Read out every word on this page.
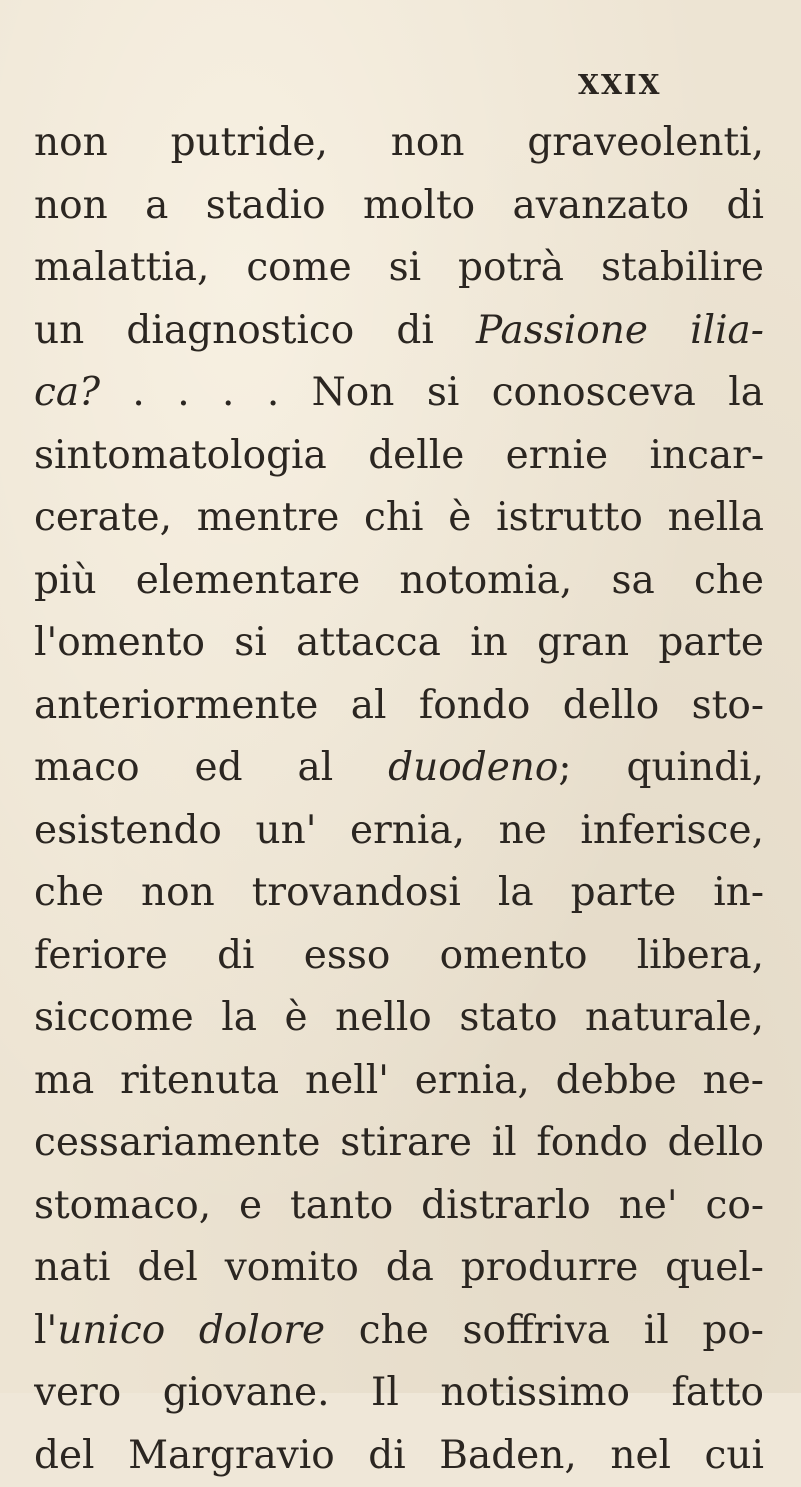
XXIX
non putride, non graveolenti,
non a stadio molto avanzato di
malattia, come si potrà stabilire
un diagnostico di Passione ilia-
ca? . . . . Non si conosceva la
sintomatologia delle ernie incar-
cerate, mentre chi è istrutto nella
più elementare notomia, sa che
l'omento si attacca in gran parte
anteriormente al fondo dello sto-
maco ed al duodeno; quindi,
esistendo un' ernia, ne inferisce,
che non trovandosi la parte in-
feriore di esso omento libera,
siccome la è nello stato naturale,
ma ritenuta nell' ernia, debbe ne-
cessariamente stirare il fondo dello
stomaco, e tanto distrarlo ne' co-
nati del vomito da produrre quel-
l'unico dolore che soffriva il po-
vero giovane. Il notissimo fatto
del Margravio di Baden, nel cui
